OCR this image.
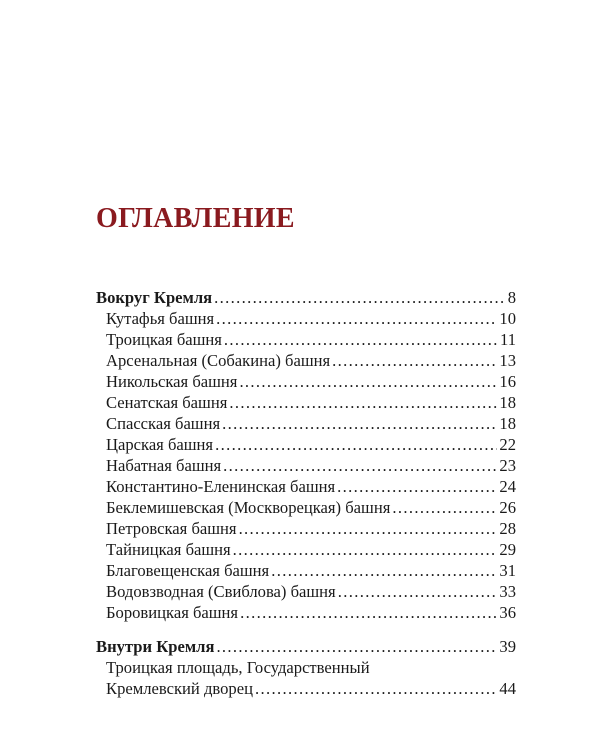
ОГЛАВЛЕНИЕ
Вокруг Кремля . . .	8
Кутафья башня . . .	10
Троицкая башня . . .	11
Арсенальная (Собакина) башня . . .	13
Никольская башня . . .	16
Сенатская башня . . .	18
Спасская башня . . .	18
Царская башня . . .	22
Набатная башня . . .	23
Константино-Еленинская башня . . .	24
Беклемишевская (Москворецкая) башня . . .	26
Петровская башня . . .	28
Тайницкая башня . . .	29
Благовещенская башня . . .	31
Водовзводная (Свиблова) башня . . .	33
Боровицкая башня . . .	36
Внутри Кремля . . .	39
Троицкая площадь, Государственный
Кремлевский дворец . . .	44
